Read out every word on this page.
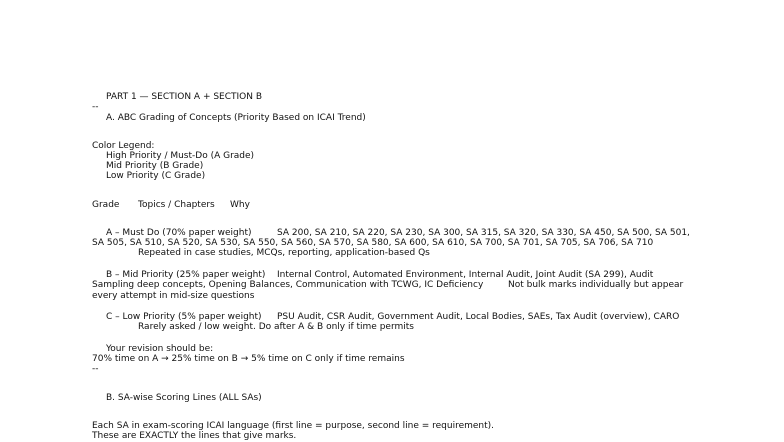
PART 1 — SECTION A + SECTION B
--
A. ABC Grading of Concepts (Priority Based on ICAI Trend)
Color Legend:
High Priority / Must-Do (A Grade)
Mid Priority (B Grade)
Low Priority (C Grade)
Grade Topics / Chapters Why
A – Must Do (70% paper weight)	SA 200, SA 210, SA 220, SA 230, SA 300, SA 315, SA 320, SA 330, SA 450, SA 500, SA 501,
SA 505, SA 510, SA 520, SA 530, SA 550, SA 560, SA 570, SA 580, SA 600, SA 610, SA 700, SA 701, SA 705, SA 706, SA 710
Repeated in case studies, MCQs, reporting, application-based Qs
B – Mid Priority (25% paper weight) Internal Control, Automated Environment, Internal Audit, Joint Audit (SA 299), Audit
Sampling deep concepts, Opening Balances, Communication with TCWG, IC Deficiency	Not bulk marks individually but appear
every attempt in mid-size questions
C – Low Priority (5% paper weight) PSU Audit, CSR Audit, Government Audit, Local Bodies, SAEs, Tax Audit (overview), CARO
Rarely asked / low weight. Do after A & B only if time permits
Your revision should be:
70% time on A → 25% time on B → 5% time on C only if time remains
--
B. SA-wise Scoring Lines (ALL SAs)
Each SA in exam-scoring ICAI language (first line = purpose, second line = requirement).
These are EXACTLY the lines that give marks.
